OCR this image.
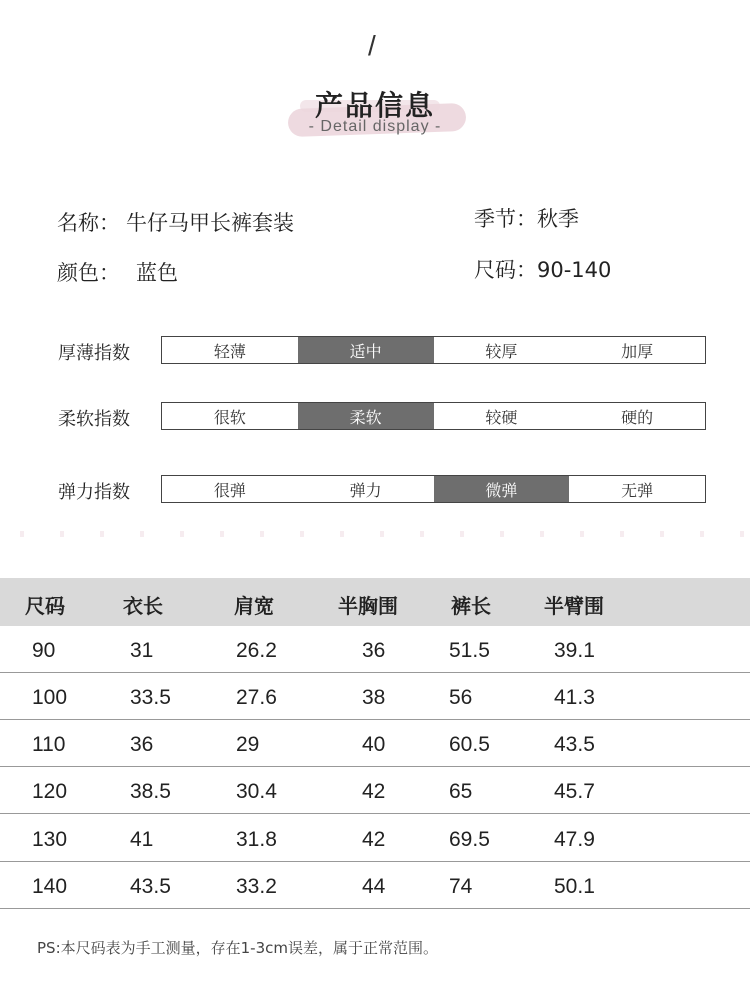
/
产品信息
- Detail display -
名称： 牛仔马甲长裤套装	季节：秋季
颜色： 蓝色	尺码：90-140
厚薄指数	轻薄	适中	较厚	加厚
柔软指数	很软	柔软	较硬	硬的
弹力指数	很弹	弹力	微弹	无弹
尺码	衣长	肩宽	半胸围	裤长	半臂围
90	31	26.2	36	51.5	39.1
100	33.5	27.6	38	56	41.3
110	36	29	40	60.5	43.5
120	38.5	30.4	42	65	45.7
130	41	31.8	42	69.5	47.9
140	43.5	33.2	44	74	50.1
PS:本尺码表为手工测量，存在1-3cm误差，属于正常范围。
